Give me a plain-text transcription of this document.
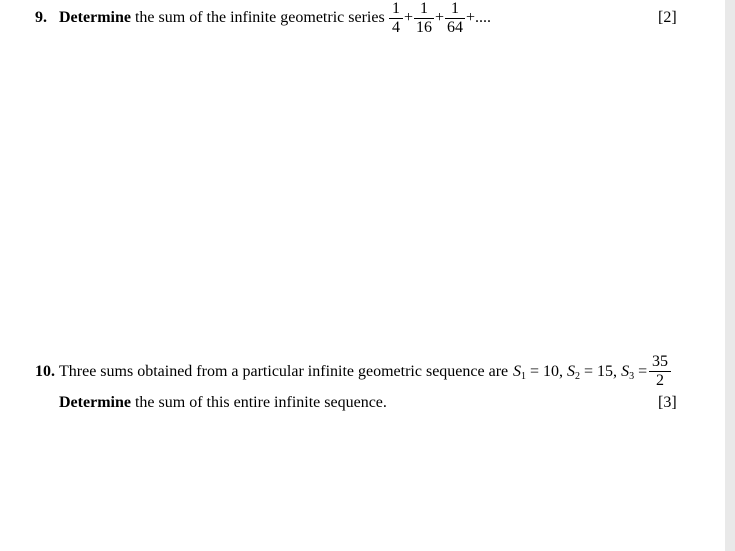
9. Determine the sum of the infinite geometric series
1
4
+
1
16
+
1
64
+....	[2]
10. Three sums obtained from a particular infinite geometric sequence are $S_1 = 10$, $S_2 = 15$, $S_3$ =
35
2
Determine the sum of this entire infinite sequence.	[3]
